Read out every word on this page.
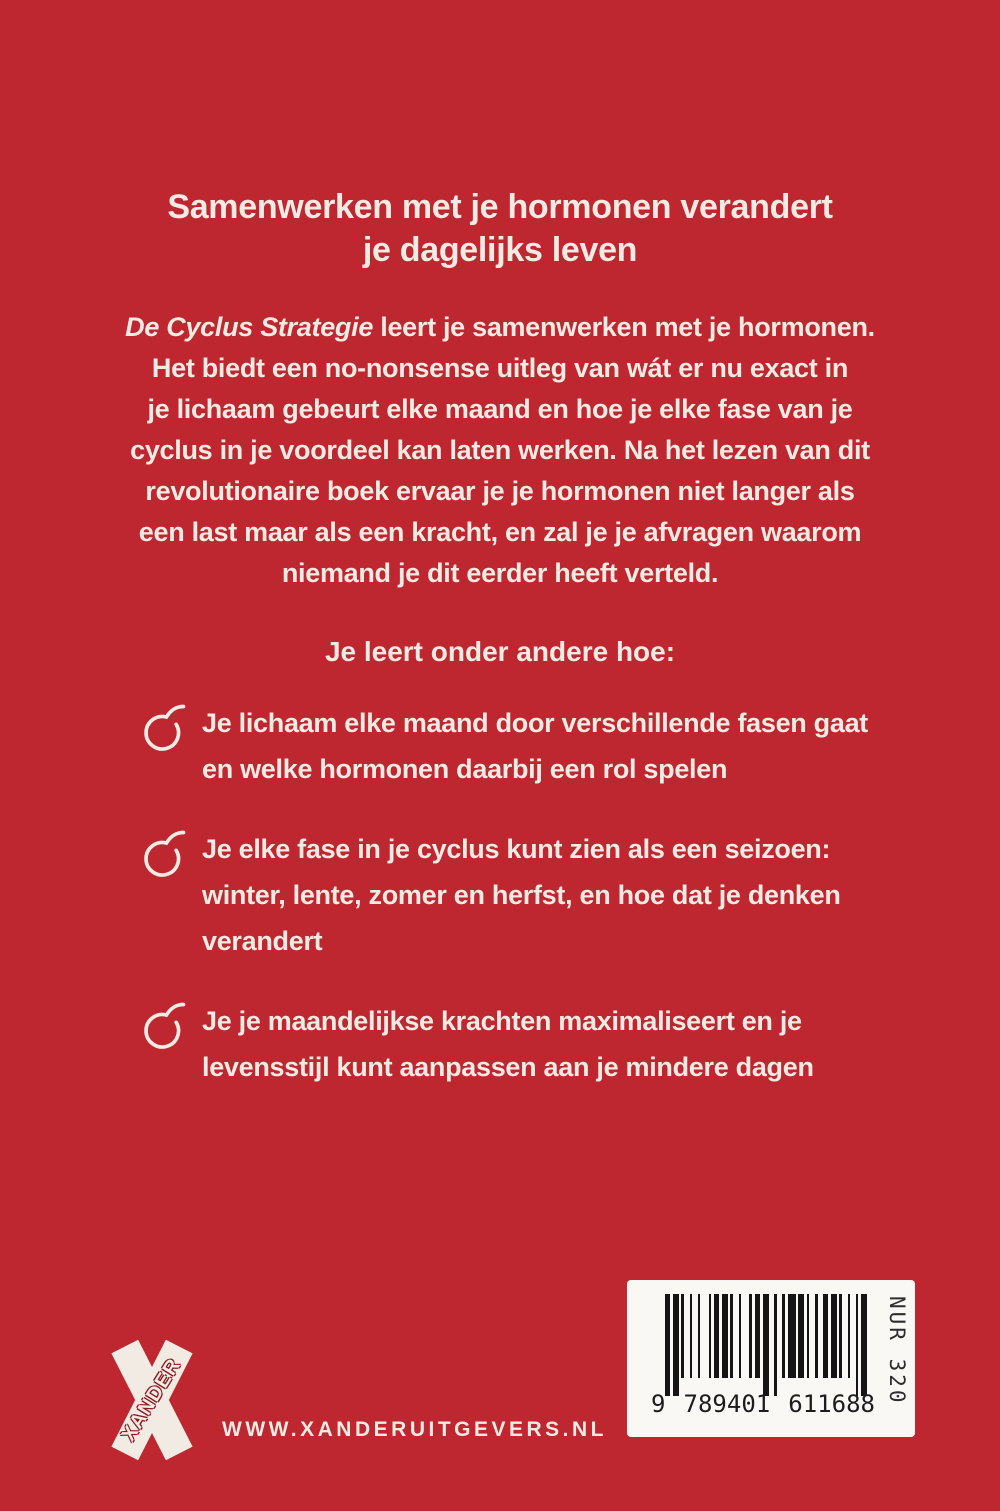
Samenwerken met je hormonen verandert
je dagelijks leven
De Cyclus Strategie leert je samenwerken met je hormonen.
Het biedt een no-nonsense uitleg van wát er nu exact in
je lichaam gebeurt elke maand en hoe je elke fase van je
cyclus in je voordeel kan laten werken. Na het lezen van dit
revolutionaire boek ervaar je je hormonen niet langer als
een last maar als een kracht, en zal je je afvragen waarom
niemand je dit eerder heeft verteld.
Je leert onder andere hoe:
Je lichaam elke maand door verschillende fasen gaat
en welke hormonen daarbij een rol spelen
Je elke fase in je cyclus kunt zien als een seizoen:
winter, lente, zomer en herfst, en hoe dat je denken
verandert
Je je maandelijkse krachten maximaliseert en je
levensstijl kunt aanpassen aan je mindere dagen
XANDER WWW.XANDERUITGEVERS.NL
9 789401 611688 NUR 320
